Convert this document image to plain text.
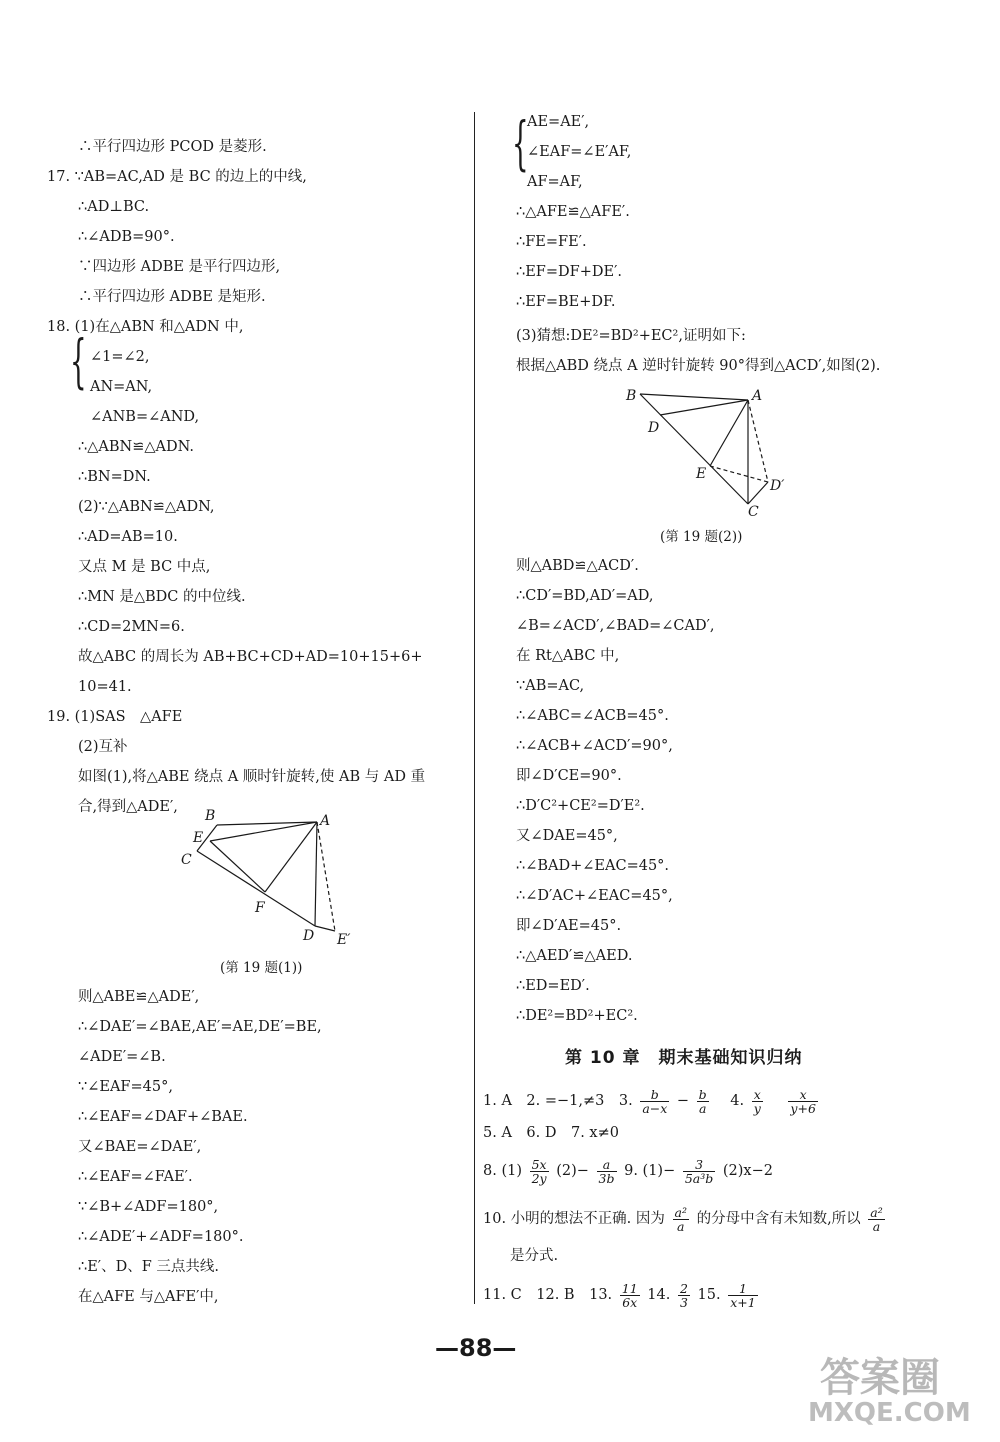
∴平行四边形 PCOD 是菱形.
17. ∵AB=AC,AD 是 BC 的边上的中线,
∴AD⊥BC.
∴∠ADB=90°.
∵四边形 ADBE 是平行四边形,
∴平行四边形 ADBE 是矩形.
18. (1)在△ABN 和△ADN 中,
{ ∠1=∠2,
AN=AN,
∠ANB=∠AND,
∴△ABN≌△ADN.
∴BN=DN.
(2)∵△ABN≌△ADN,
∴AD=AB=10.
又点 M 是 BC 中点,
∴MN 是△BDC 的中位线.
∴CD=2MN=6.
故△ABC 的周长为 AB+BC+CD+AD=10+15+6+
10=41.
19. (1)SAS　△AFE
(2)互补
如图(1),将△ABE 绕点 A 顺时针旋转,使 AB 与 AD 重
合,得到△ADE′,
B
E
C
A
F
D E′
(第 19 题(1))
则△ABE≌△ADE′,
∴∠DAE′=∠BAE,AE′=AE,DE′=BE,
∠ADE′=∠B.
∵∠EAF=45°,
∴∠EAF=∠DAF+∠BAE.
又∠BAE=∠DAE′,
∴∠EAF=∠FAE′.
∵∠B+∠ADF=180°,
∴∠ADE′+∠ADF=180°.
∴E′、D、F 三点共线.
在△AFE 与△AFE′中,
{
AE=AE′,
∠EAF=∠E′AF,
AF=AF,
∴△AFE≌△AFE′.
∴FE=FE′.
∴EF=DF+DE′.
∴EF=BE+DF.
(3)猜想:DE²=BD²+EC²,证明如下:
根据△ABD 绕点 A 逆时针旋转 90°得到△ACD′,如图(2).
B	A
D
E
D′
C
(第 19 题(2))
则△ABD≌△ACD′.
∴CD′=BD,AD′=AD,
∠B=∠ACD′,∠BAD=∠CAD′,
在 Rt△ABC 中,
∵AB=AC,
∴∠ABC=∠ACB=45°.
∴∠ACB+∠ACD′=90°,
即∠D′CE=90°.
∴D′C²+CE²=D′E².
又∠DAE=45°,
∴∠BAD+∠EAC=45°.
∴∠D′AC+∠EAC=45°,
即∠D′AE=45°.
∴△AED′≌△AED.
∴ED=ED′.
∴DE²=BD²+EC².
第 10 章　期末基础知识归纳
1. A　2. =−1,≠3　3. $\frac{b}{a-x} - \frac{b}{a} 4$. $\frac{x}{y}$
$\frac{x}{y+6}$
5. A　6. D　7. x≠0
8. $(1) \frac{5x}{2y} (2)- \frac{a}{3b} 9$. $(1)- \frac{3}{\text{5a³b}} (2)x-2$
10. 小明的想法不正确. 因为 $\frac{\text{a²}}{a}$ 的分母中含有未知数,所以 $\frac{\text{a²}}{a}$
是分式.
11. C　12. B　13. $\frac{11}{6x} 14$. $\frac{2}{3} 15$. $\frac{1}{x+1}$
—88—
答案圈
MXQE.COM
